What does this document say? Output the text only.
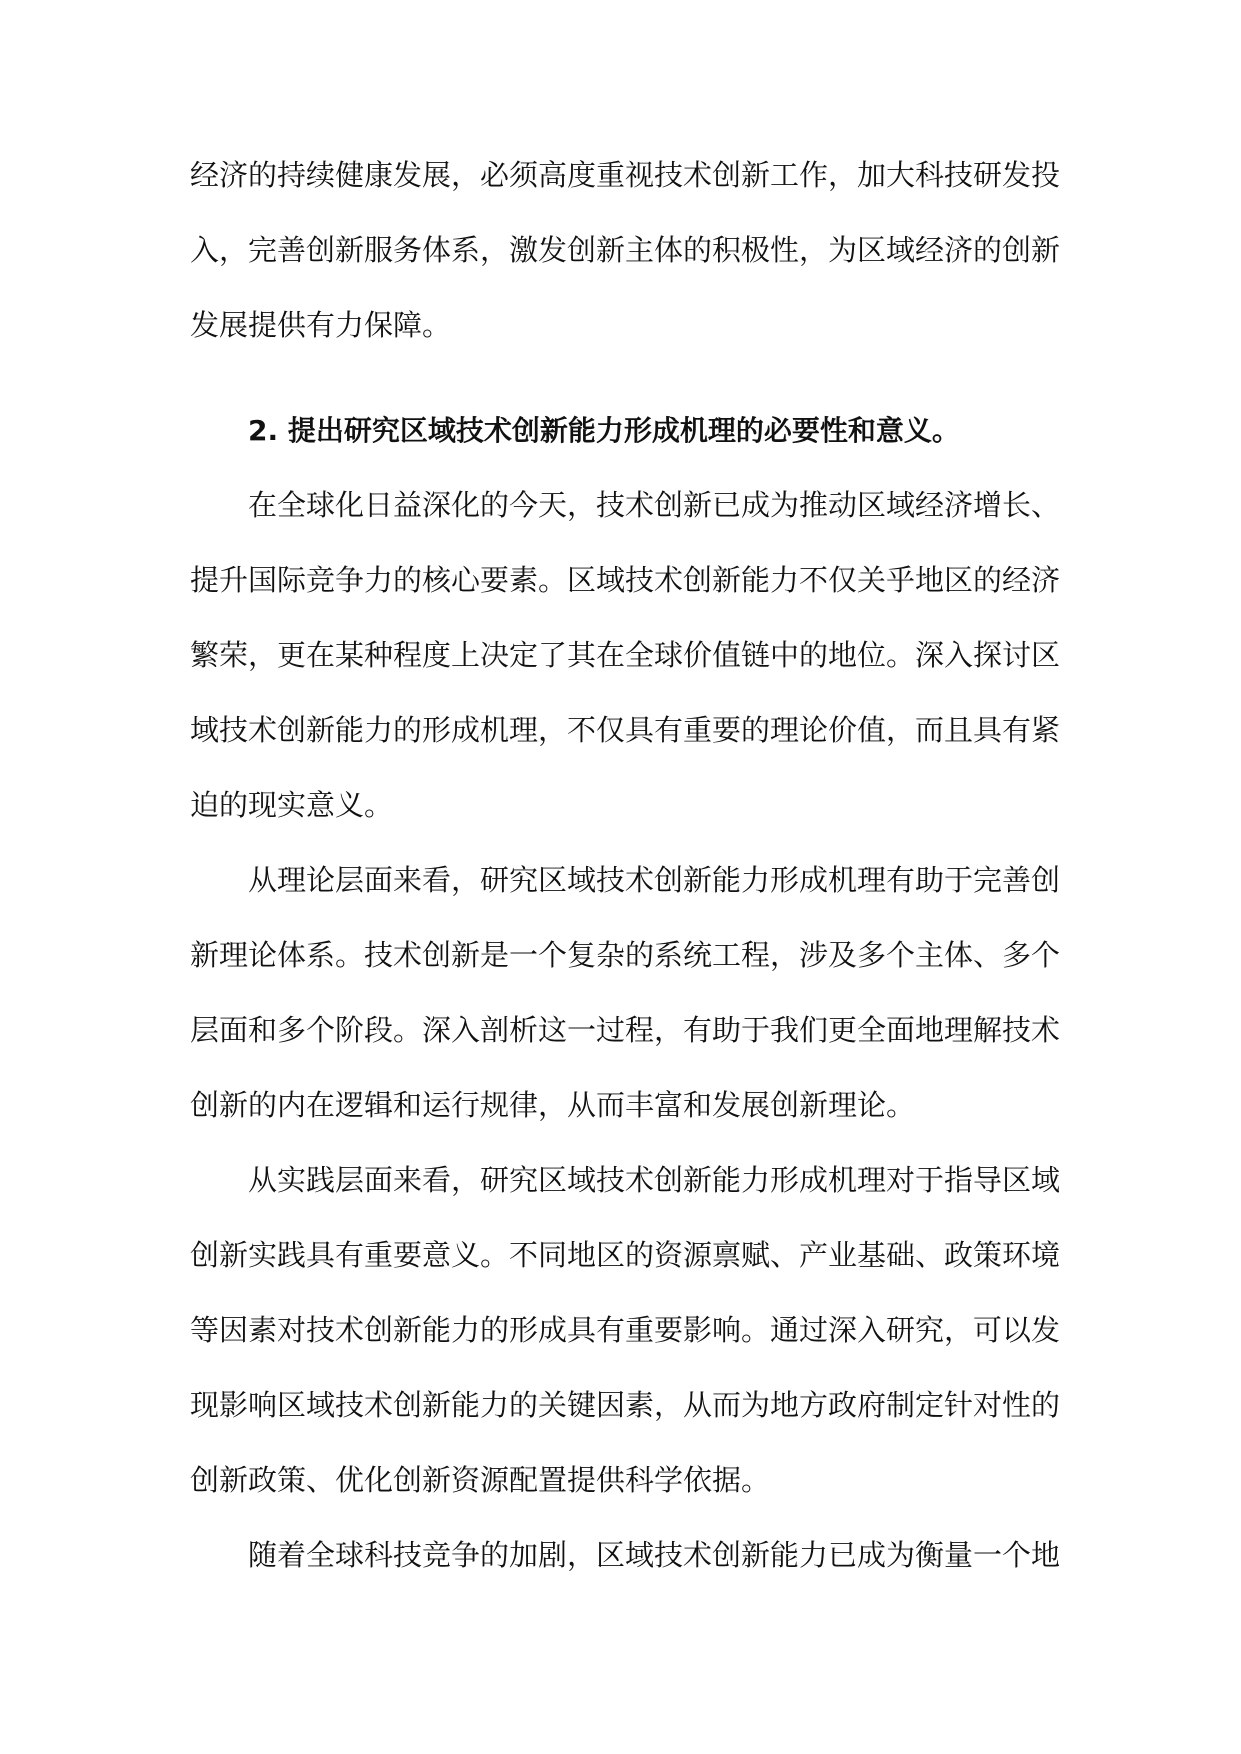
经济的持续健康发展，必须高度重视技术创新工作，加大科技研发投入，完善创新服务体系，激发创新主体的积极性，为区域经济的创新发展提供有力保障。

2. 提出研究区域技术创新能力形成机理的必要性和意义。

在全球化日益深化的今天，技术创新已成为推动区域经济增长、提升国际竞争力的核心要素。区域技术创新能力不仅关乎地区的经济繁荣，更在某种程度上决定了其在全球价值链中的地位。深入探讨区域技术创新能力的形成机理，不仅具有重要的理论价值，而且具有紧迫的现实意义。

从理论层面来看，研究区域技术创新能力形成机理有助于完善创新理论体系。技术创新是一个复杂的系统工程，涉及多个主体、多个层面和多个阶段。深入剖析这一过程，有助于我们更全面地理解技术创新的内在逻辑和运行规律，从而丰富和发展创新理论。

从实践层面来看，研究区域技术创新能力形成机理对于指导区域创新实践具有重要意义。不同地区的资源禀赋、产业基础、政策环境等因素对技术创新能力的形成具有重要影响。通过深入研究，可以发现影响区域技术创新能力的关键因素，从而为地方政府制定针对性的创新政策、优化创新资源配置提供科学依据。

随着全球科技竞争的加剧，区域技术创新能力已成为衡量一个地
